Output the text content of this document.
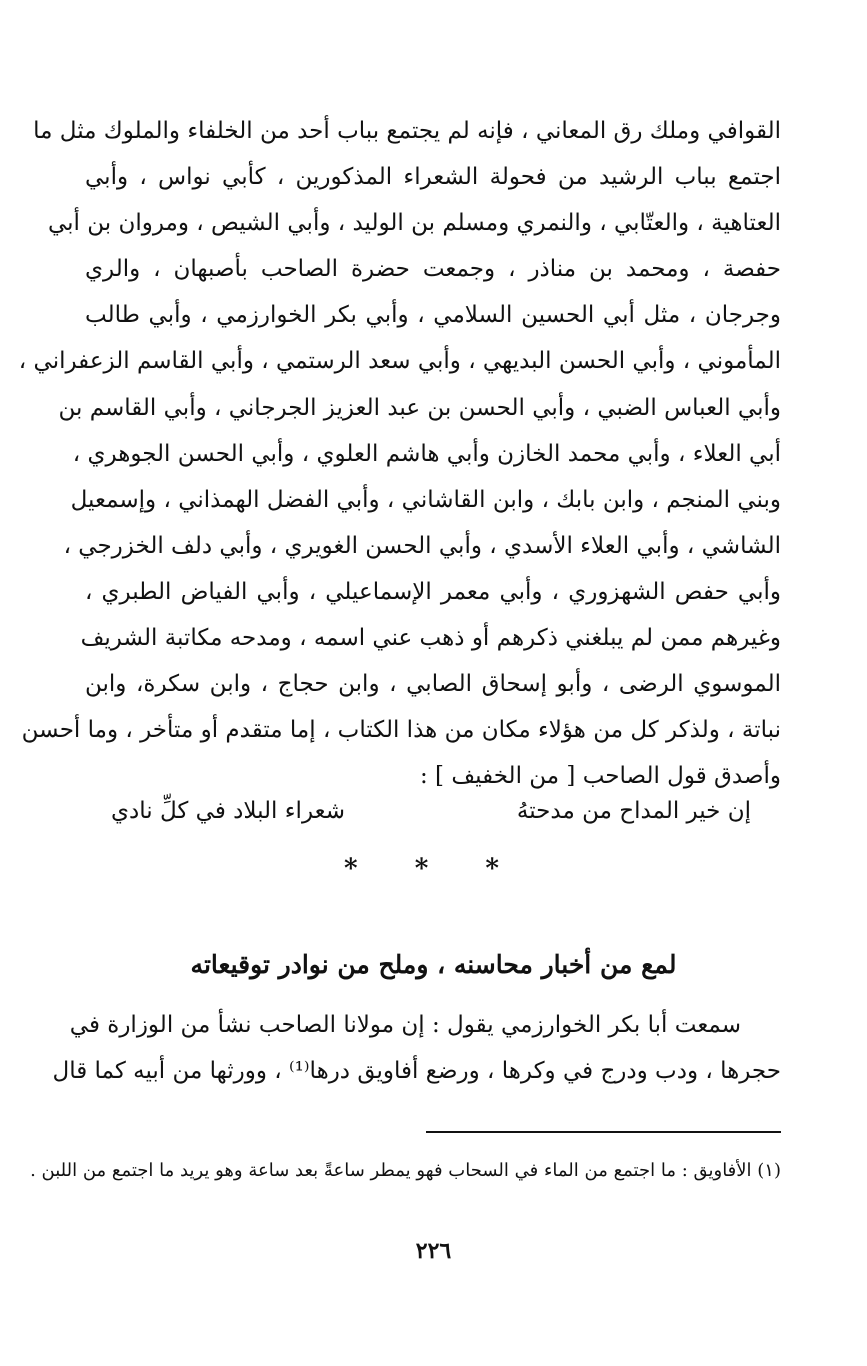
القوافي وملك رق المعاني ، فإنه لم يجتمع بباب أحد من الخلفاء والملوك مثل ما
اجتمع بباب الرشيد من فحولة الشعراء المذكورين ، كأبي نواس ، وأبي
العتاهية ، والعتّابي ، والنمري ومسلم بن الوليد ، وأبي الشيص ، ومروان بن أبي
حفصة ، ومحمد بن مناذر ، وجمعت حضرة الصاحب بأصبهان ، والري
وجرجان ، مثل أبي الحسين السلامي ، وأبي بكر الخوارزمي ، وأبي طالب
المأموني ، وأبي الحسن البديهي ، وأبي سعد الرستمي ، وأبي القاسم الزعفراني ،
وأبي العباس الضبي ، وأبي الحسن بن عبد العزيز الجرجاني ، وأبي القاسم بن
أبي العلاء ، وأبي محمد الخازن وأبي هاشم العلوي ، وأبي الحسن الجوهري ،
وبني المنجم ، وابن بابك ، وابن القاشاني ، وأبي الفضل الهمذاني ، وإسمعيل
الشاشي ، وأبي العلاء الأسدي ، وأبي الحسن الغويري ، وأبي دلف الخزرجي ،
وأبي حفص الشهزوري ، وأبي معمر الإسماعيلي ، وأبي الفياض الطبري ،
وغيرهم ممن لم يبلغني ذكرهم أو ذهب عني اسمه ، ومدحه مكاتبة الشريف
الموسوي الرضى ، وأبو إسحاق الصابي ، وابن حجاج ، وابن سكرة، وابن
نباتة ، ولذكر كل من هؤلاء مكان من هذا الكتاب ، إما متقدم أو متأخر ، وما أحسن
وأصدق قول الصاحب [ من الخفيف ] :
إن خير المداح من مدحتهُ
شعراء البلاد في كلِّ نادي
* * *
لمع من أخبار محاسنه ، وملح من نوادر توقيعاته
سمعت أبا بكر الخوارزمي يقول : إن مولانا الصاحب نشأ من الوزارة في
حجرها ، ودب ودرج في وكرها ، ورضع أفاويق درها⁽¹⁾ ، وورثها من أبيه كما قال
(١) الأفاويق : ما اجتمع من الماء في السحاب فهو يمطر ساعةً بعد ساعة وهو يريد ما اجتمع من اللبن .
٢٢٦
